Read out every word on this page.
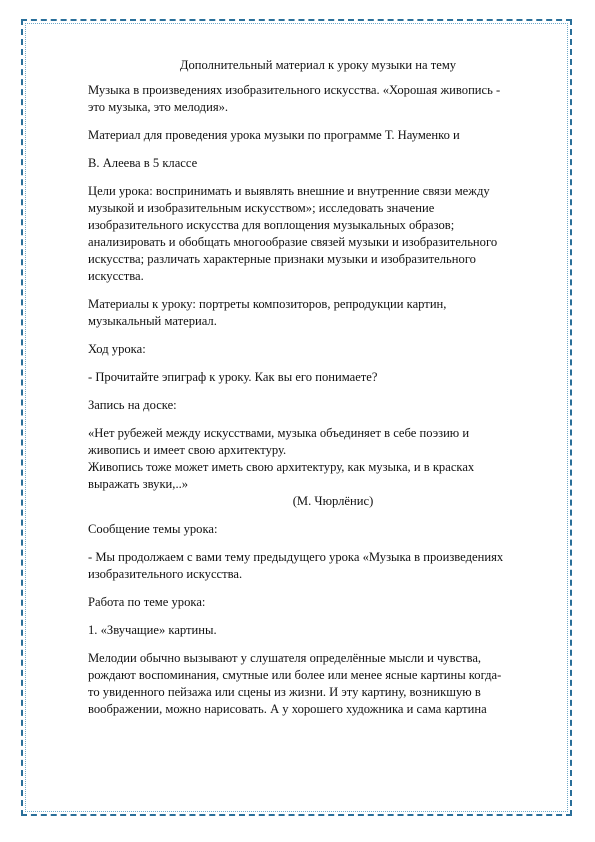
Дополнительный материал к уроку музыки на тему

Музыка в произведениях изобразительного искусства. «Хорошая живопись -
это музыка, это мелодия».

Материал для проведения урока музыки по программе Т. Науменко и

В. Алеева в 5 классе

Цели урока: воспринимать и выявлять внешние и внутренние связи между
музыкой и изобразительным искусством»; исследовать значение
изобразительного искусства для воплощения музыкальных образов;
анализировать и обобщать многообразие связей музыки и изобразительного
искусства; различать характерные признаки музыки и изобразительного
искусства.

Материалы к уроку: портреты композиторов, репродукции картин,
музыкальный материал.

Ход урока:

- Прочитайте эпиграф к уроку. Как вы его понимаете?

Запись на доске:

«Нет рубежей между искусствами, музыка объединяет в себе поэзию и
живопись и имеет свою архитектуру.
Живопись тоже может иметь свою архитектуру, как музыка, и в красках
выражать звуки,..»

(М. Чюрлёнис)

Сообщение темы урока:

- Мы продолжаем с вами тему предыдущего урока «Музыка в произведениях
изобразительного искусства.

Работа по теме урока:

1. «Звучащие» картины.

Мелодии обычно вызывают у слушателя определённые мысли и чувства,
рождают воспоминания, смутные или более или менее ясные картины когда-
то увиденного пейзажа или сцены из жизни. И эту картину, возникшую в
воображении, можно нарисовать. А у хорошего художника и сама картина
